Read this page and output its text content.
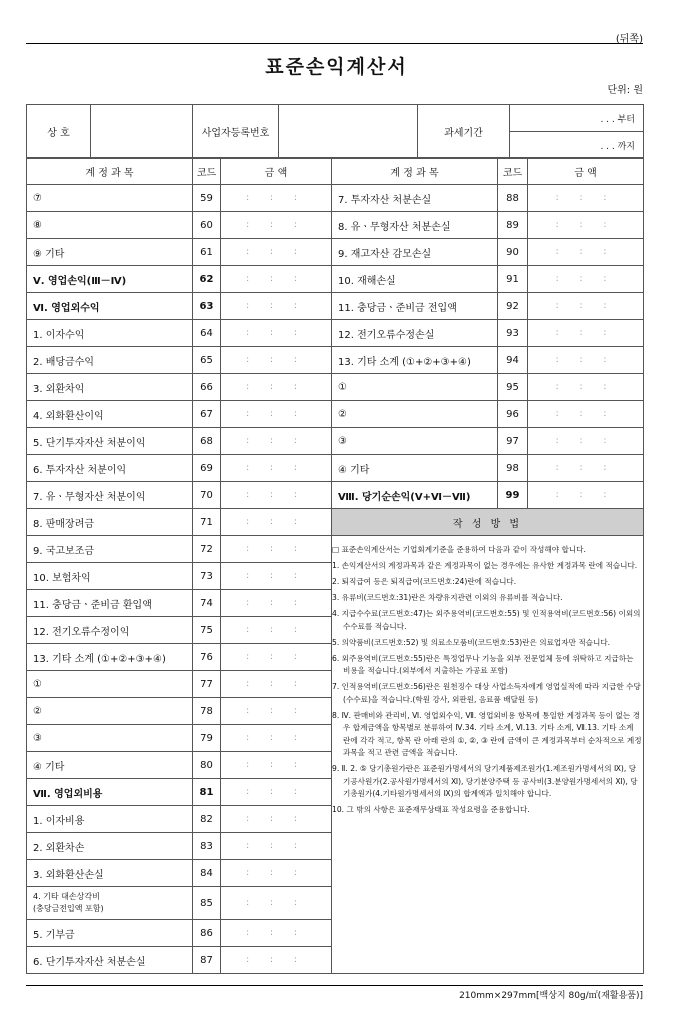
(뒤쪽)
표준손익계산서
단위: 원
상 호		사업자등록번호		과세기간	. . . 부터
. . . 까지
계 정 과 목	코드	금 액	계 정 과 목	코드	금 액
⑦	59	: : :	7. 투자자산 처분손실	88	: : :
⑧	60	: : :	8. 유ㆍ무형자산 처분손실	89	: : :
⑨ 기타	61	: : :	9. 재고자산 감모손실	90	: : :
Ⅴ. 영업손익(Ⅲ－Ⅳ)	62	: : :	10. 재해손실	91	: : :
Ⅵ. 영업외수익	63	: : :	11. 충당금ㆍ준비금 전입액	92	: : :
1. 이자수익	64	: : :	12. 전기오류수정손실	93	: : :
2. 배당금수익	65	: : :	13. 기타 소계 (①+②+③+④)	94	: : :
3. 외환차익	66	: : :	①	95	: : :
4. 외화환산이익	67	: : :	②	96	: : :
5. 단기투자자산 처분이익	68	: : :	③	97	: : :
6. 투자자산 처분이익	69	: : :	④ 기타	98	: : :
7. 유ㆍ무형자산 처분이익	70	: : :	Ⅷ. 당기순손익(Ⅴ+Ⅵ－Ⅶ)	99	: : :
8. 판매장려금	71	: : :	작 성 방 법		
9. 국고보조금	72	: : :			
10. 보험차익	73	: : :			
11. 충당금ㆍ준비금 환입액	74	: : :			
12. 전기오류수정이익	75	: : :			
13. 기타 소계 (①+②+③+④)	76	: : :			
①	77	: : :			
②	78	: : :			
③	79	: : :			
④ 기타	80	: : :			
Ⅶ. 영업외비용	81	: : :			
1. 이자비용	82	: : :			
2. 외환차손	83	: : :			
3. 외화환산손실	84	: : :			
4. 기타 대손상각비
(충당금전입액 포함)	85	: : :			
5. 기부금	86	: : :			
6. 단기투자자산 처분손실	87	: : :			

□ 표준손익계산서는 기업회계기준을 준용하여 다음과 같이 작성해야 합니다.

1. 손익계산서의 계정과목과 같은 계정과목이 없는 경우에는 유사한 계정과목 란에 적습니다.

2. 퇴직급여 등은 퇴직급여(코드번호:24)란에 적습니다.

3. 유류비(코드번호:31)란은 차량유지관련 이외의 유류비를 적습니다.

4. 지급수수료(코드번호:47)는 외주용역비(코드번호:55) 및 인적용역비(코드번호:56) 이외의 수수료를 적습니다.

5. 의약품비(코드번호:52) 및 의료소모품비(코드번호:53)란은 의료업자만 적습니다.

6. 외주용역비(코드번호:55)란은 특정업무나 기능을 외부 전문업체 등에 위탁하고 지급하는 비용을 적습니다.(외부에서 지출하는 가공료 포함)

7. 인적용역비(코드번호:56)란은 원천징수 대상 사업소득자에게 영업실적에 따라 지급한 수당(수수료)을 적습니다.(학원 강사, 외판원, 음료품 배달원 등)

8. Ⅳ. 판매비와 관리비, Ⅵ. 영업외수익, Ⅶ. 영업외비용 항목에 통일한 계정과목 등이 없는 경우 합계금액을 항목별로 분류하여 Ⅳ.34. 기타 소계, Ⅵ.13. 기타 소계, Ⅶ.13. 기타 소계 란에 각각 적고, 항목 란 아래 란의 ①, ②, ③ 란에 금액이 큰 계정과목부터 순차적으로 계정과목을 적고 관련 금액을 적습니다.

9. Ⅱ. 2. ⑤ 당기총원가란은 표준원가명세서의 당기제품제조원가(1.제조원가명세서의 Ⅸ), 당기공사원가(2.공사원가명세서의 Ⅺ), 당기분양주택 등 공사비(3.분양원가명세서의 Ⅺ), 당기총원가(4.기타원가명세서의 Ⅸ)의 합계액과 일치해야 합니다.

10. 그 밖의 사항은 표준재무상태표 작성요령을 준용합니다.

210mm×297mm[백상지 80g/㎡(재활용품)]
